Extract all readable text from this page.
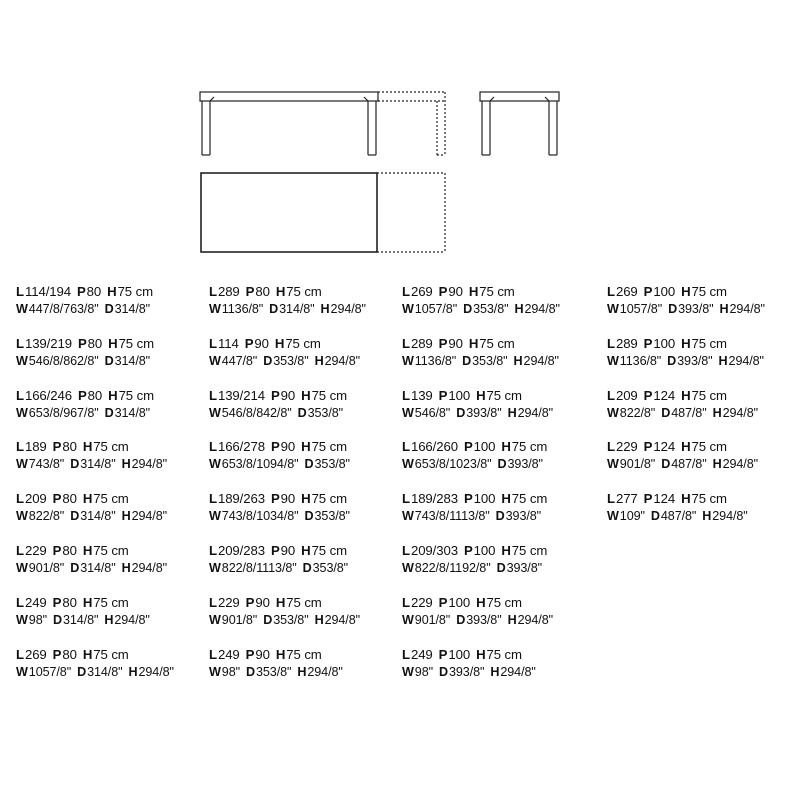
L114/194 P80 H75 cm
W447/8/763/8" D314/8"
L139/219 P80 H75 cm
W546/8/862/8" D314/8"
L166/246 P80 H75 cm
W653/8/967/8" D314/8"
L189 P80 H75 cm
W743/8" D314/8" H294/8"
L209 P80 H75 cm
W822/8" D314/8" H294/8"
L229 P80 H75 cm
W901/8" D314/8" H294/8"
L249 P80 H75 cm
W98" D314/8" H294/8"
L269 P80 H75 cm
W1057/8" D314/8" H294/8"
L289 P80 H75 cm
W1136/8" D314/8" H294/8"
L114 P90 H75 cm
W447/8" D353/8" H294/8"
L139/214 P90 H75 cm
W546/8/842/8" D353/8"
L166/278 P90 H75 cm
W653/8/1094/8" D353/8"
L189/263 P90 H75 cm
W743/8/1034/8" D353/8"
L209/283 P90 H75 cm
W822/8/1113/8" D353/8"
L229 P90 H75 cm
W901/8" D353/8" H294/8"
L249 P90 H75 cm
W98" D353/8" H294/8"
L269 P90 H75 cm
W1057/8" D353/8" H294/8"
L289 P90 H75 cm
W1136/8" D353/8" H294/8"
L139 P100 H75 cm
W546/8" D393/8" H294/8"
L166/260 P100 H75 cm
W653/8/1023/8" D393/8"
L189/283 P100 H75 cm
W743/8/1113/8" D393/8"
L209/303 P100 H75 cm
W822/8/1192/8" D393/8"
L229 P100 H75 cm
W901/8" D393/8" H294/8"
L249 P100 H75 cm
W98" D393/8" H294/8"
L269 P100 H75 cm
W1057/8" D393/8" H294/8"
L289 P100 H75 cm
W1136/8" D393/8" H294/8"
L209 P124 H75 cm
W822/8" D487/8" H294/8"
L229 P124 H75 cm
W901/8" D487/8" H294/8"
L277 P124 H75 cm
W109" D487/8" H294/8"
